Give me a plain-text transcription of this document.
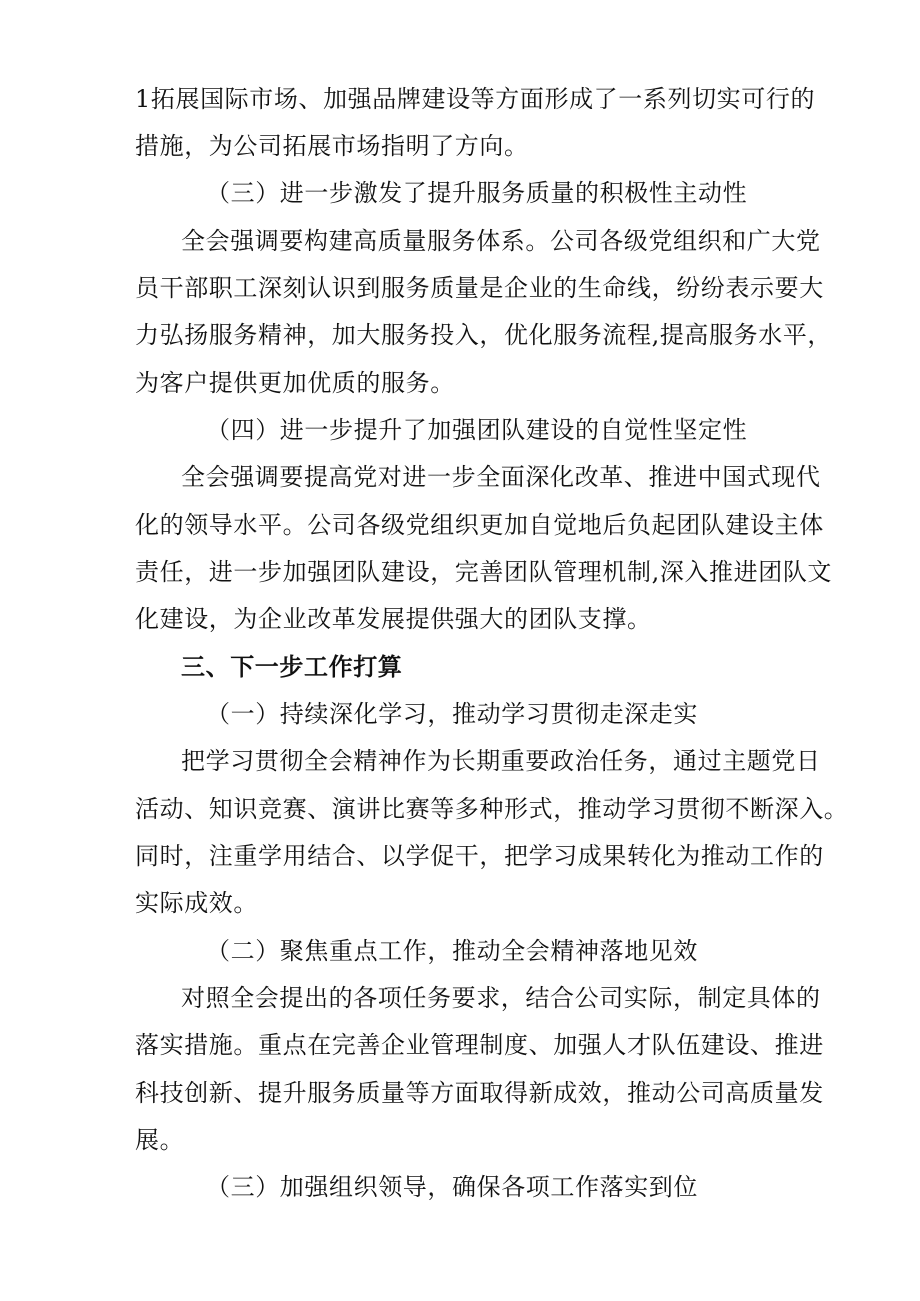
1拓展国际市场、加强品牌建设等方面形成了一系列切实可行的
措施，为公司拓展市场指明了方向。
（三）进一步激发了提升服务质量的积极性主动性
全会强调要构建高质量服务体系。公司各级党组织和广大党
员干部职工深刻认识到服务质量是企业的生命线，纷纷表示要大
力弘扬服务精神，加大服务投入，优化服务流程,提高服务水平，
为客户提供更加优质的服务。
（四）进一步提升了加强团队建设的自觉性坚定性
全会强调要提高党对进一步全面深化改革、推进中国式现代
化的领导水平。公司各级党组织更加自觉地后负起团队建设主体
责任，进一步加强团队建设，完善团队管理机制,深入推进团队文
化建设，为企业改革发展提供强大的团队支撑。
三、下一步工作打算
（一）持续深化学习，推动学习贯彻走深走实
把学习贯彻全会精神作为长期重要政治任务，通过主题党日
活动、知识竞赛、演讲比赛等多种形式，推动学习贯彻不断深入。
同时，注重学用结合、以学促干，把学习成果转化为推动工作的
实际成效。
（二）聚焦重点工作，推动全会精神落地见效
对照全会提出的各项任务要求，结合公司实际，制定具体的
落实措施。重点在完善企业管理制度、加强人才队伍建设、推进
科技创新、提升服务质量等方面取得新成效，推动公司高质量发
展。
（三）加强组织领导，确保各项工作落实到位
